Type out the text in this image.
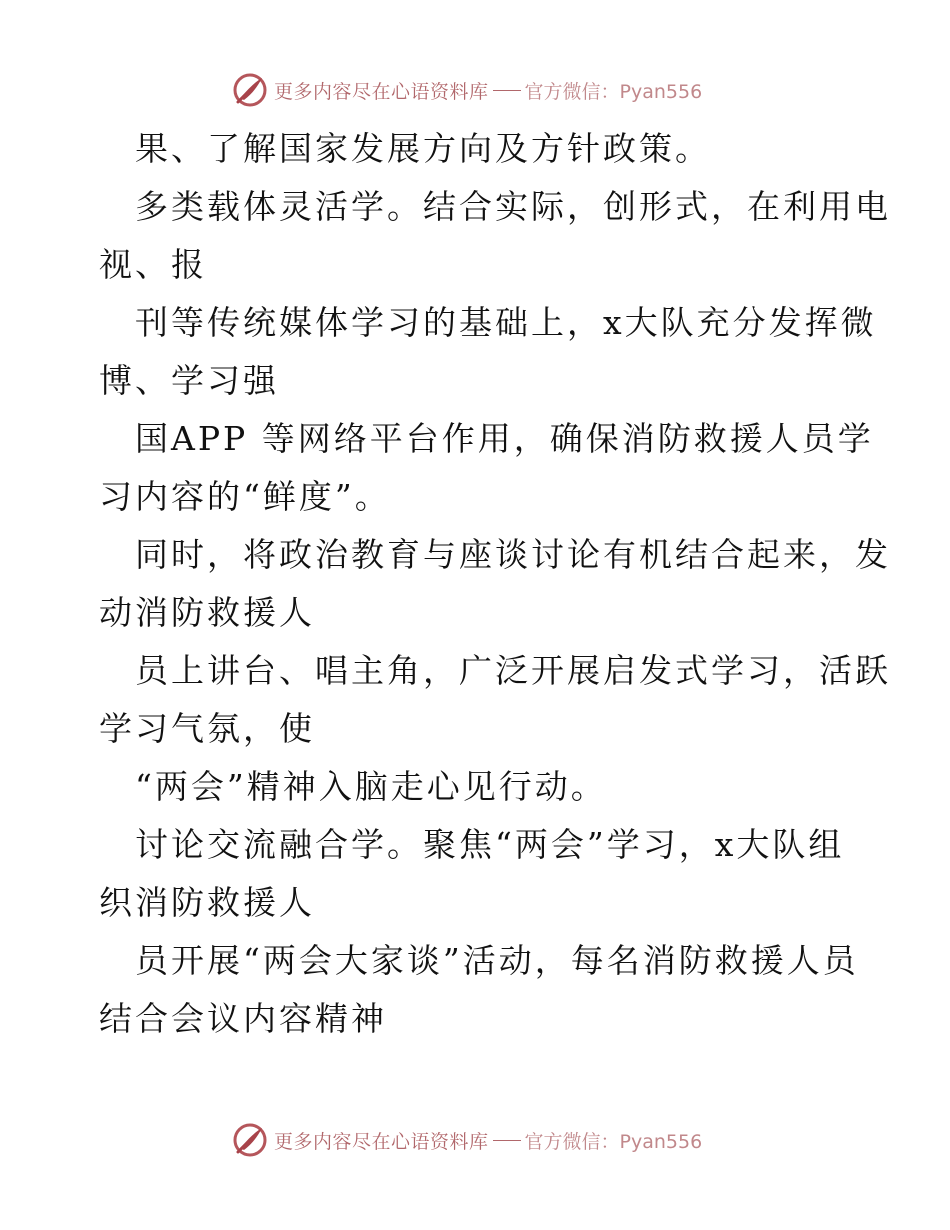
更多内容尽在心语资料库 官方微信：Pyan556
果、了解国家发展方向及方针政策。
多类载体灵活学。结合实际，创形式，在利用电
视、报
刊等传统媒体学习的基础上，x大队充分发挥微
博、学习强
国APP 等网络平台作用，确保消防救援人员学
习内容的“鲜度”。
同时，将政治教育与座谈讨论有机结合起来，发
动消防救援人
员上讲台、唱主角，广泛开展启发式学习，活跃
学习气氛，使
“两会”精神入脑走心见行动。
讨论交流融合学。聚焦“两会”学习，x大队组
织消防救援人
员开展“两会大家谈”活动，每名消防救援人员
结合会议内容精神
更多内容尽在心语资料库 官方微信：Pyan556
